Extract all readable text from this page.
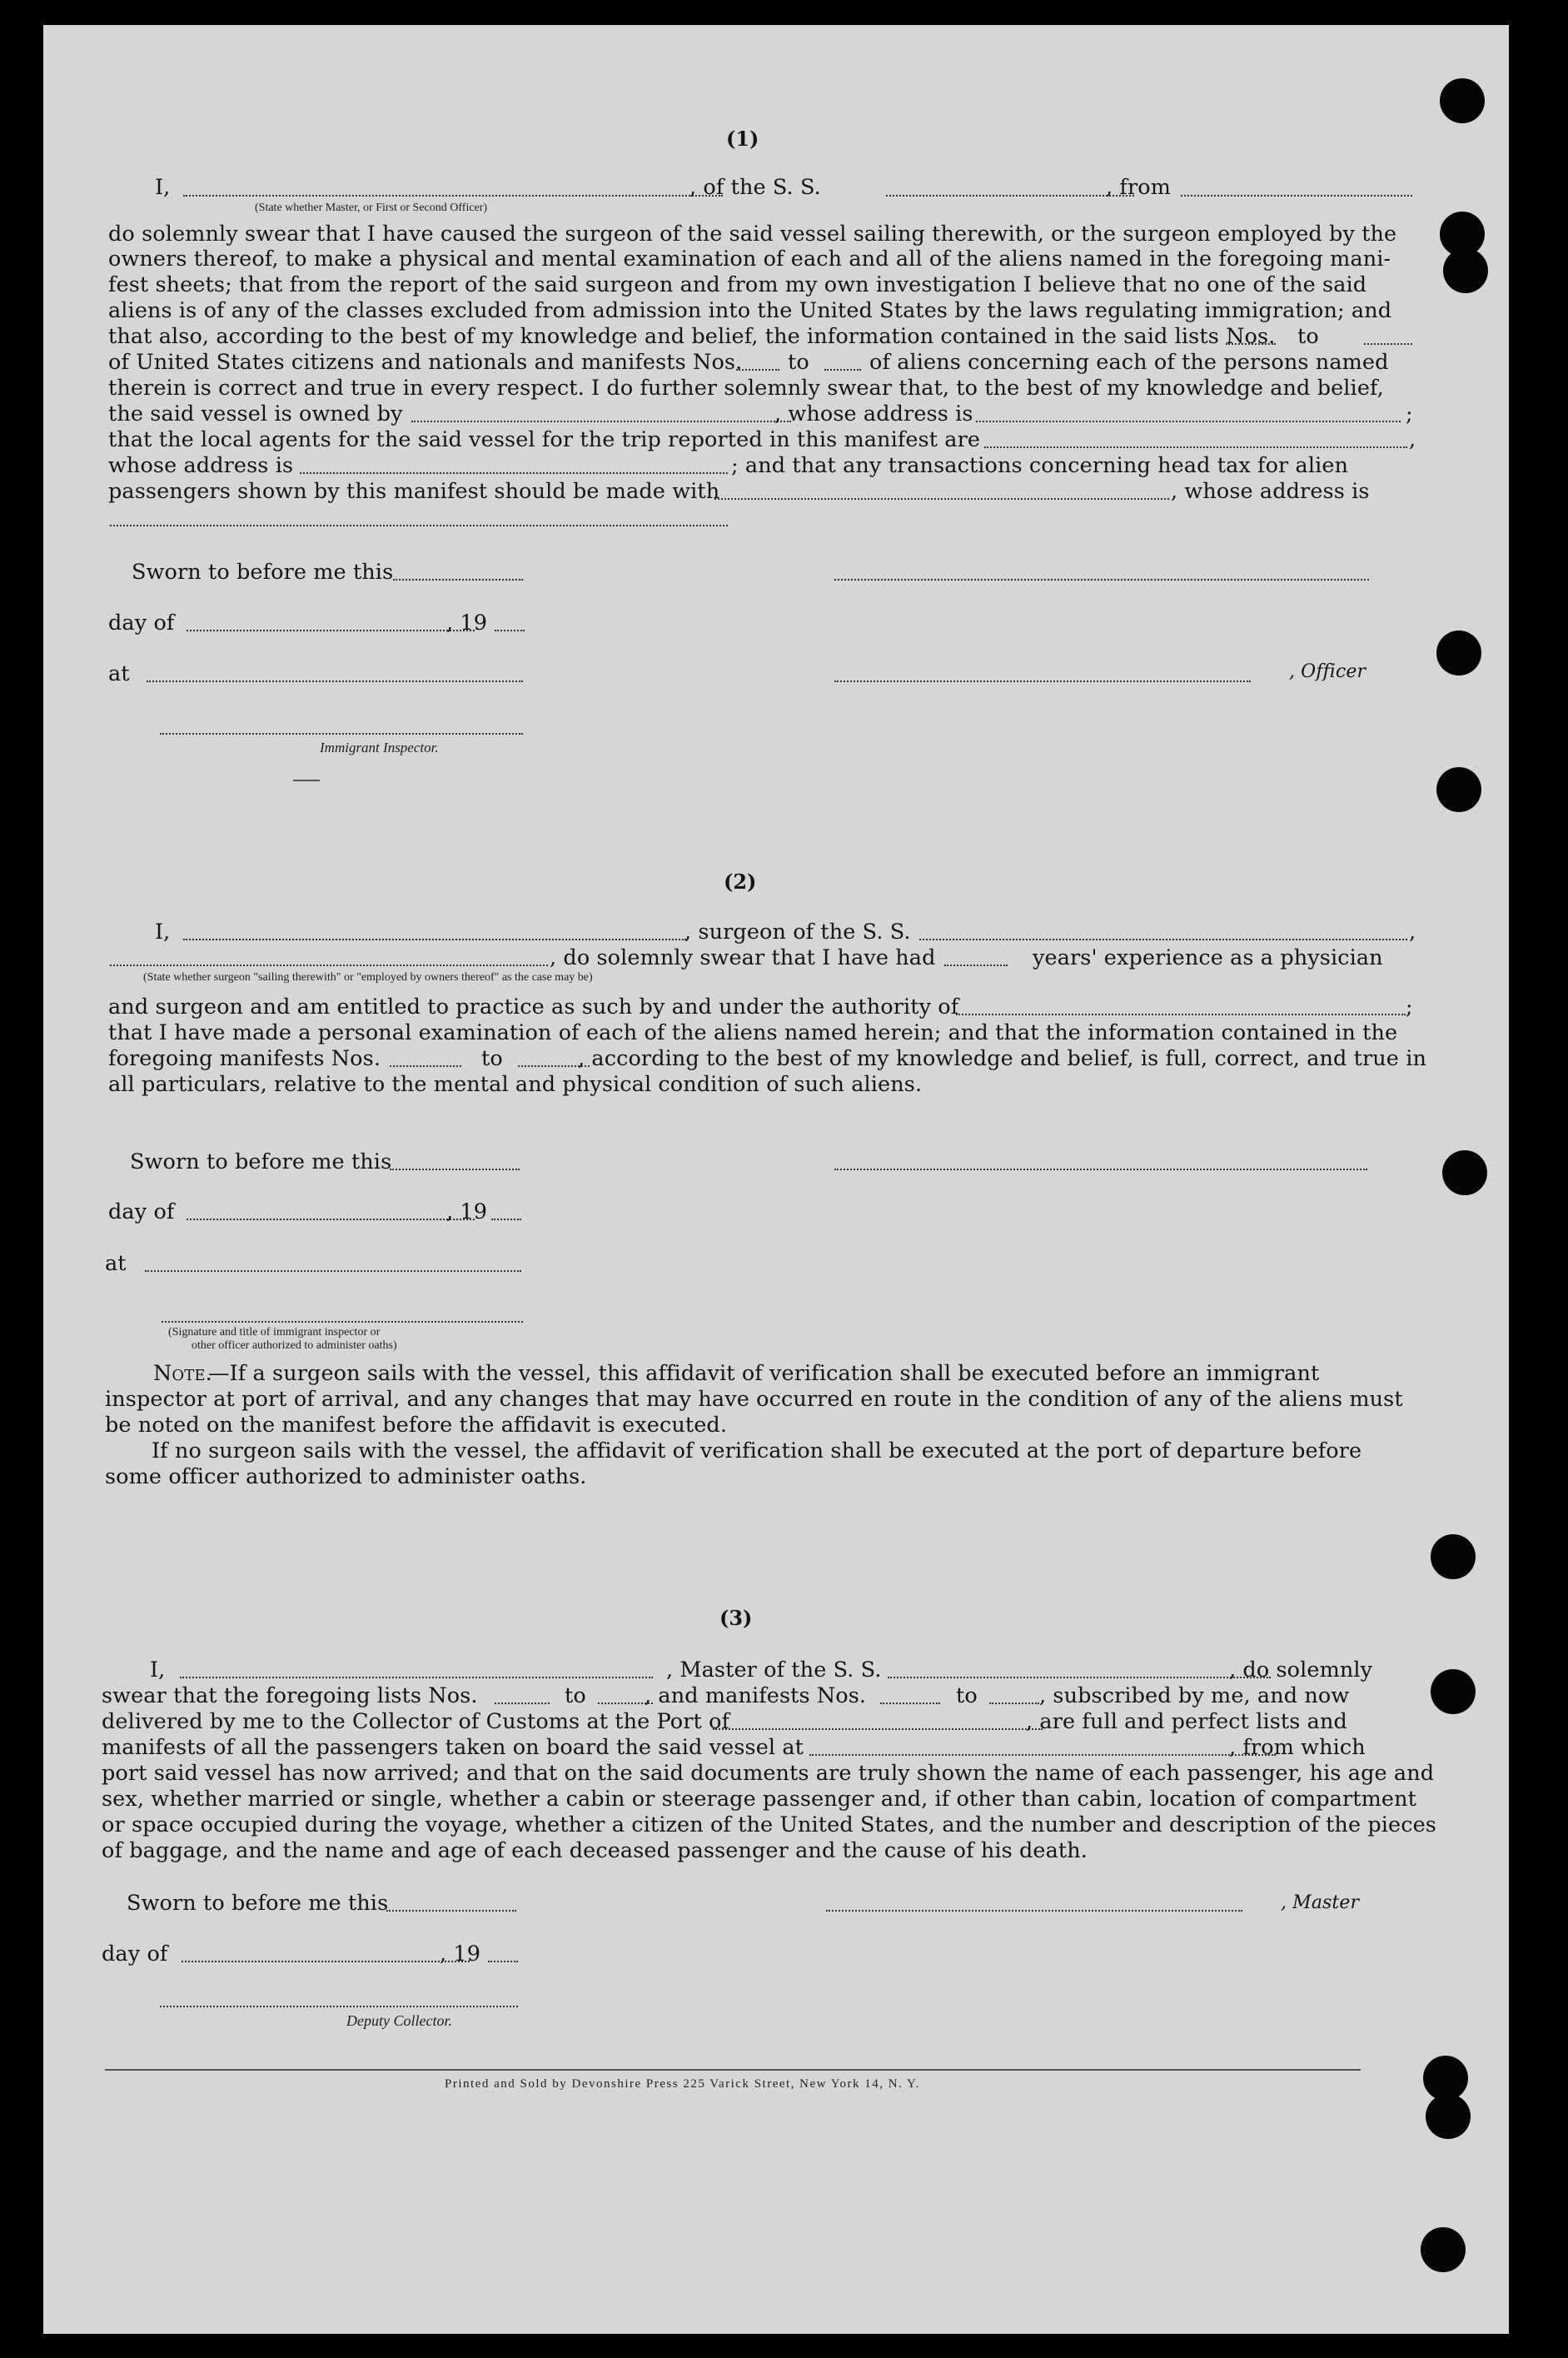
(1)
I,	, of the S. S.	, from
(State whether Master, or First or Second Officer)
do solemnly swear that I have caused the surgeon of the said vessel sailing therewith, or the surgeon employed by the
owners thereof, to make a physical and mental examination of each and all of the aliens named in the foregoing mani-
fest sheets; that from the report of the said surgeon and from my own investigation I believe that no one of the said
aliens is of any of the classes excluded from admission into the United States by the laws regulating immigration; and
that also, according to the best of my knowledge and belief, the information contained in the said lists Nos. to
of United States citizens and nationals and manifests Nos. to	of aliens concerning each of the persons named
therein is correct and true in every respect. I do further solemnly swear that, to the best of my knowledge and belief,
the said vessel is owned by	, whose address is	;
that the local agents for the said vessel for the trip reported in this manifest are	,
whose address is	; and that any transactions concerning head tax for alien
passengers shown by this manifest should be made with	, whose address is
Sworn to before me this
day of	, 19
at	, Officer
Immigrant Inspector.
(2)
I,	, surgeon of the S. S.	,
, do solemnly swear that I have had	years' experience as a physician
(State whether surgeon "sailing therewith" or "employed by owners thereof" as the case may be)
and surgeon and am entitled to practice as such by and under the authority of	;
that I have made a personal examination of each of the aliens named herein; and that the information contained in the
foregoing manifests Nos.	to	, according to the best of my knowledge and belief, is full, correct, and true in
all particulars, relative to the mental and physical condition of such aliens.
Sworn to before me this
day of	, 19
at
(Signature and title of immigrant inspector or
other officer authorized to administer oaths)
Note.
—If a surgeon sails with the vessel, this affidavit of verification shall be executed before an immigrant
inspector at port of arrival, and any changes that may have occurred en route in the condition of any of the aliens must
be noted on the manifest before the affidavit is executed.
If no surgeon sails with the vessel, the affidavit of verification shall be executed at the port of departure before
some officer authorized to administer oaths.
(3)
I,	, Master of the S. S.	, do solemnly
swear that the foregoing lists Nos.	to	, and manifests Nos.	to	, subscribed by me, and now
delivered by me to the Collector of Customs at the Port of	, are full and perfect lists and
manifests of all the passengers taken on board the said vessel at	, from which
port said vessel has now arrived; and that on the said documents are truly shown the name of each passenger, his age and
sex, whether married or single, whether a cabin or steerage passenger and, if other than cabin, location of compartment
or space occupied during the voyage, whether a citizen of the United States, and the number and description of the pieces
of baggage, and the name and age of each deceased passenger and the cause of his death.
Sworn to before me this	, Master
day of	, 19
Deputy Collector.
Printed and Sold by Devonshire Press 225 Varick Street, New York 14, N. Y.
